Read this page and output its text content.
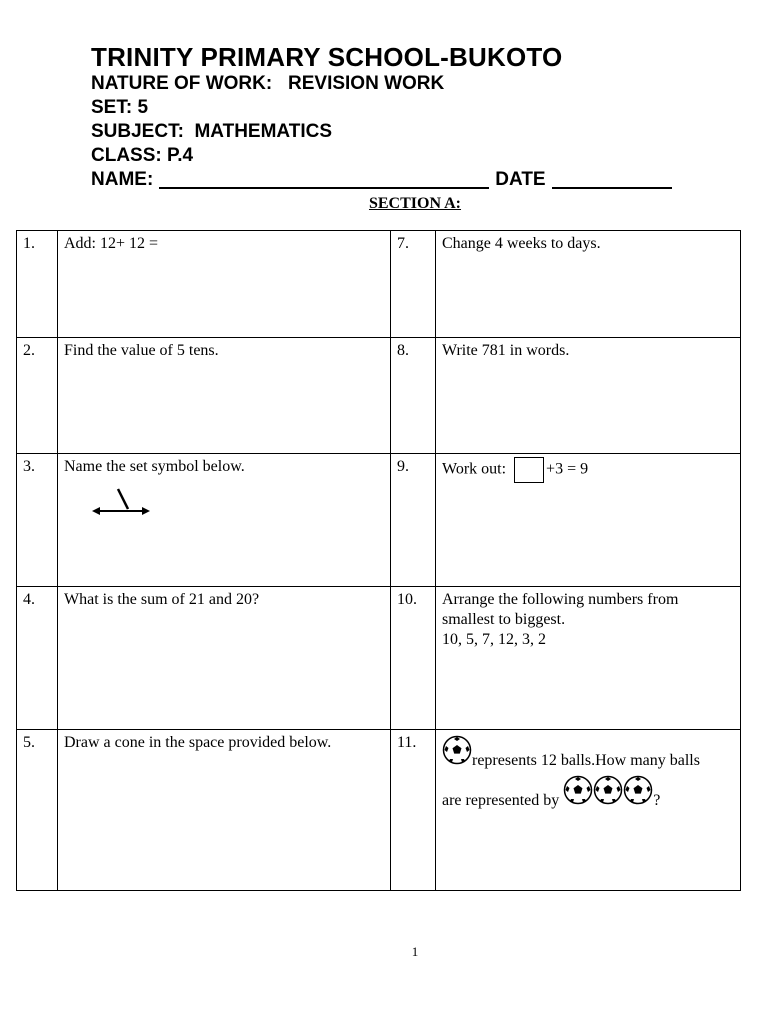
TRINITY PRIMARY SCHOOL-BUKOTO
NATURE OF WORK:   REVISION WORK
SET: 5
SUBJECT:  MATHEMATICS
CLASS: P.4
NAME:	DATE
SECTION A:
1.	Add: 12+ 12 =	7.	Change 4 weeks to days.
2.	Find the value of 5 tens.	8.	Write 781 in words.
3.	Name the set symbol below.	9.	Work out: +3 = 9
4.	What is the sum of 21 and 20?	10.	Arrange the following numbers from smallest to biggest.
10, 5, 7, 12, 3, 2

5.	Draw a cone in the space provided below.	11.	represents 12 balls.How many balls
are represented by ?
1
